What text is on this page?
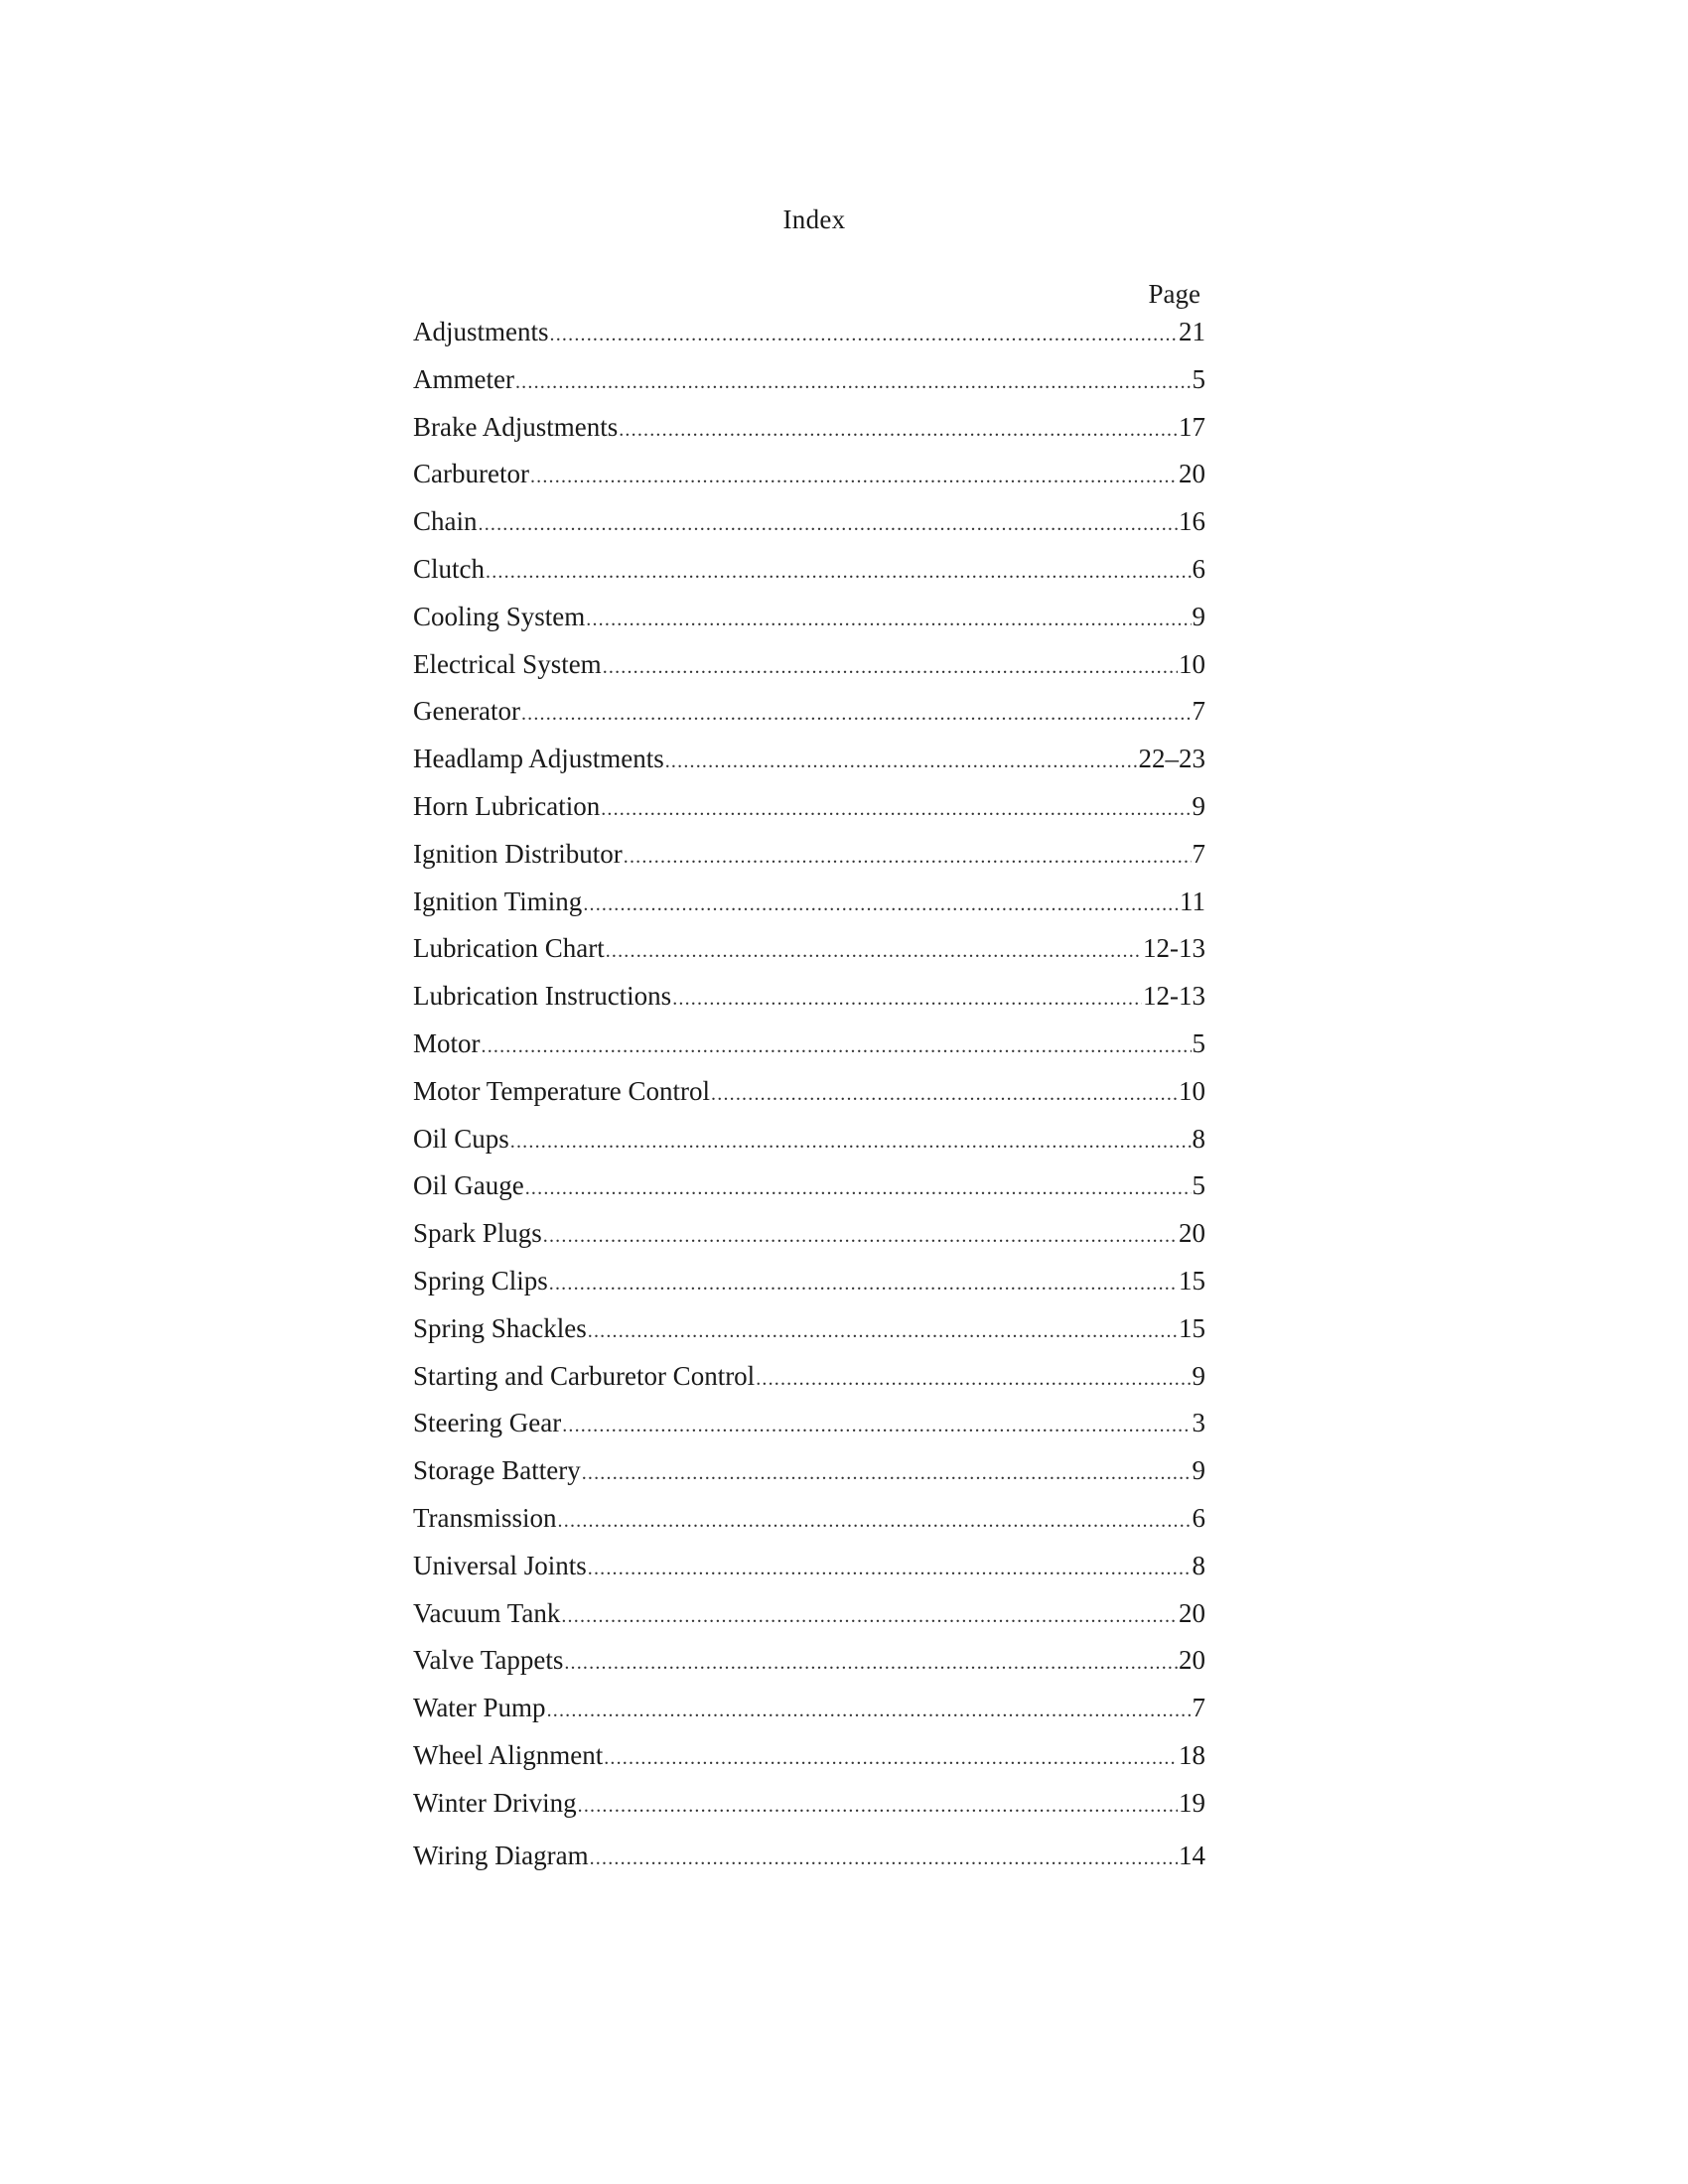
Index
Page
Adjustments .....	21
Ammeter .....	5
Brake Adjustments .....	17
Carburetor .....	20
Chain .....	16
Clutch .....	6
Cooling System .....	9
Electrical System .....	10
Generator .....	7
Headlamp Adjustments .....	22–23
Horn Lubrication .....	9
Ignition Distributor .....	7
Ignition Timing .....	11
Lubrication Chart .....	12-13
Lubrication Instructions .....	12-13
Motor .....	5
Motor Temperature Control .....	10
Oil Cups .....	8
Oil Gauge .....	5
Spark Plugs .....	20
Spring Clips .....	15
Spring Shackles .....	15
Starting and Carburetor Control .....	9
Steering Gear .....	3
Storage Battery .....	9
Transmission .....	6
Universal Joints .....	8
Vacuum Tank .....	20
Valve Tappets .....	20
Water Pump .....	7
Wheel Alignment .....	18
Winter Driving .....	19
Wiring Diagram .....	14
